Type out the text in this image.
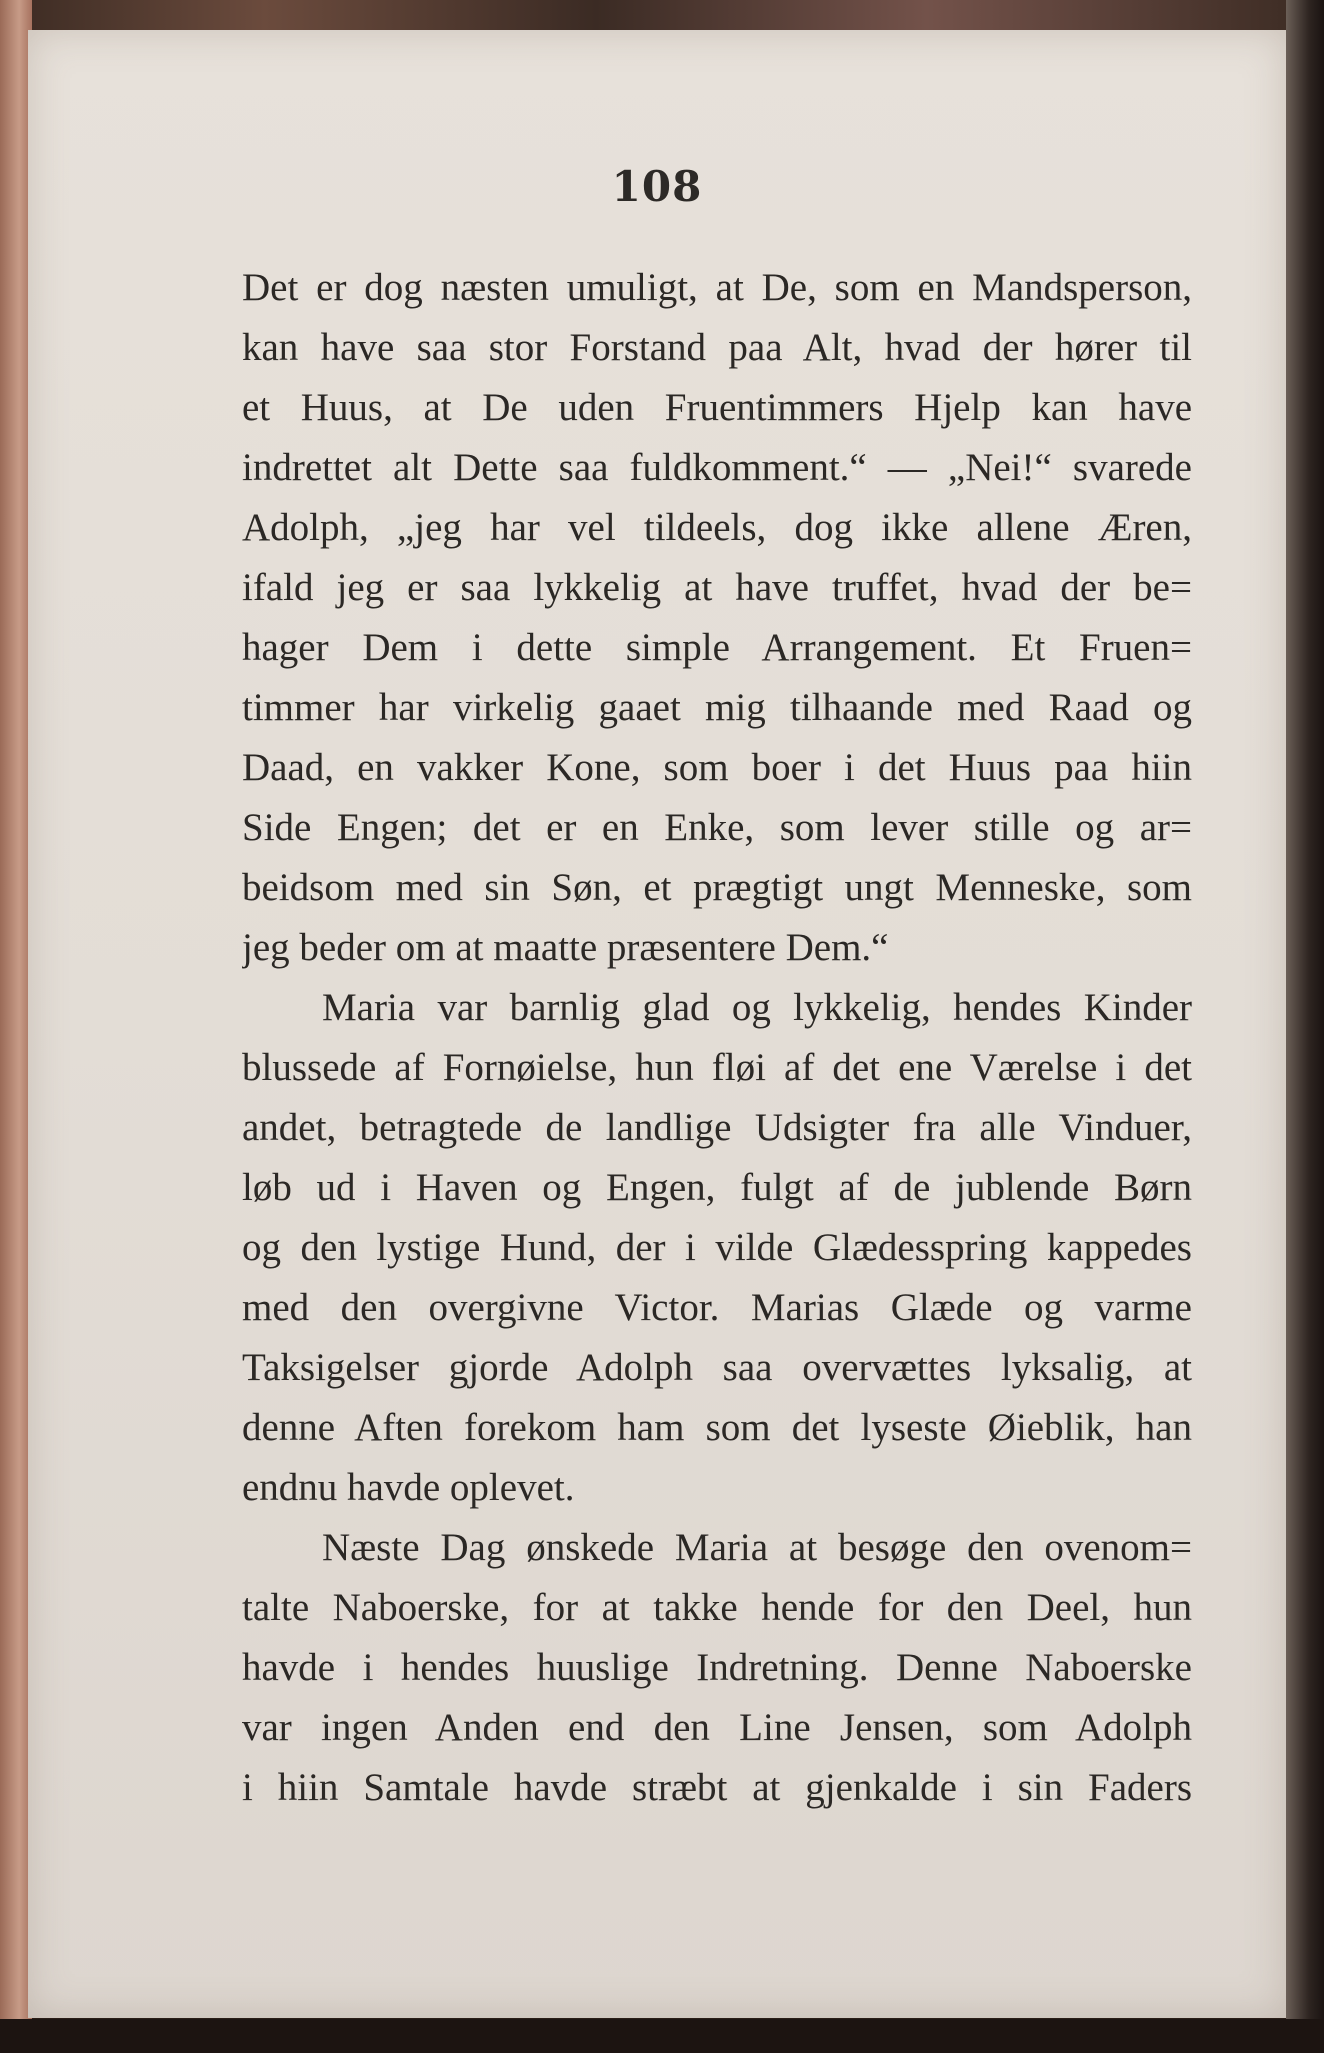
108
Det er dog næsten umuligt, at De, som en Mandsperson,
kan have saa stor Forstand paa Alt, hvad der hører til
et Huus, at De uden Fruentimmers Hjelp kan have
indrettet alt Dette saa fuldkomment.“ — „Nei!“ svarede
Adolph, „jeg har vel tildeels, dog ikke allene Æren,
ifald jeg er saa lykkelig at have truffet, hvad der be=
hager Dem i dette simple Arrangement. Et Fruen=
timmer har virkelig gaaet mig tilhaande med Raad og
Daad, en vakker Kone, som boer i det Huus paa hiin
Side Engen; det er en Enke, som lever stille og ar=
beidsom med sin Søn, et prægtigt ungt Menneske, som
jeg beder om at maatte præsentere Dem.“
Maria var barnlig glad og lykkelig, hendes Kinder
blussede af Fornøielse, hun fløi af det ene Værelse i det
andet, betragtede de landlige Udsigter fra alle Vinduer,
løb ud i Haven og Engen, fulgt af de jublende Børn
og den lystige Hund, der i vilde Glædesspring kappedes
med den overgivne Victor. Marias Glæde og varme
Taksigelser gjorde Adolph saa overvættes lyksalig, at
denne Aften forekom ham som det lyseste Øieblik, han
endnu havde oplevet.
Næste Dag ønskede Maria at besøge den ovenom=
talte Naboerske, for at takke hende for den Deel, hun
havde i hendes huuslige Indretning. Denne Naboerske
var ingen Anden end den Line Jensen, som Adolph
i hiin Samtale havde stræbt at gjenkalde i sin Faders
